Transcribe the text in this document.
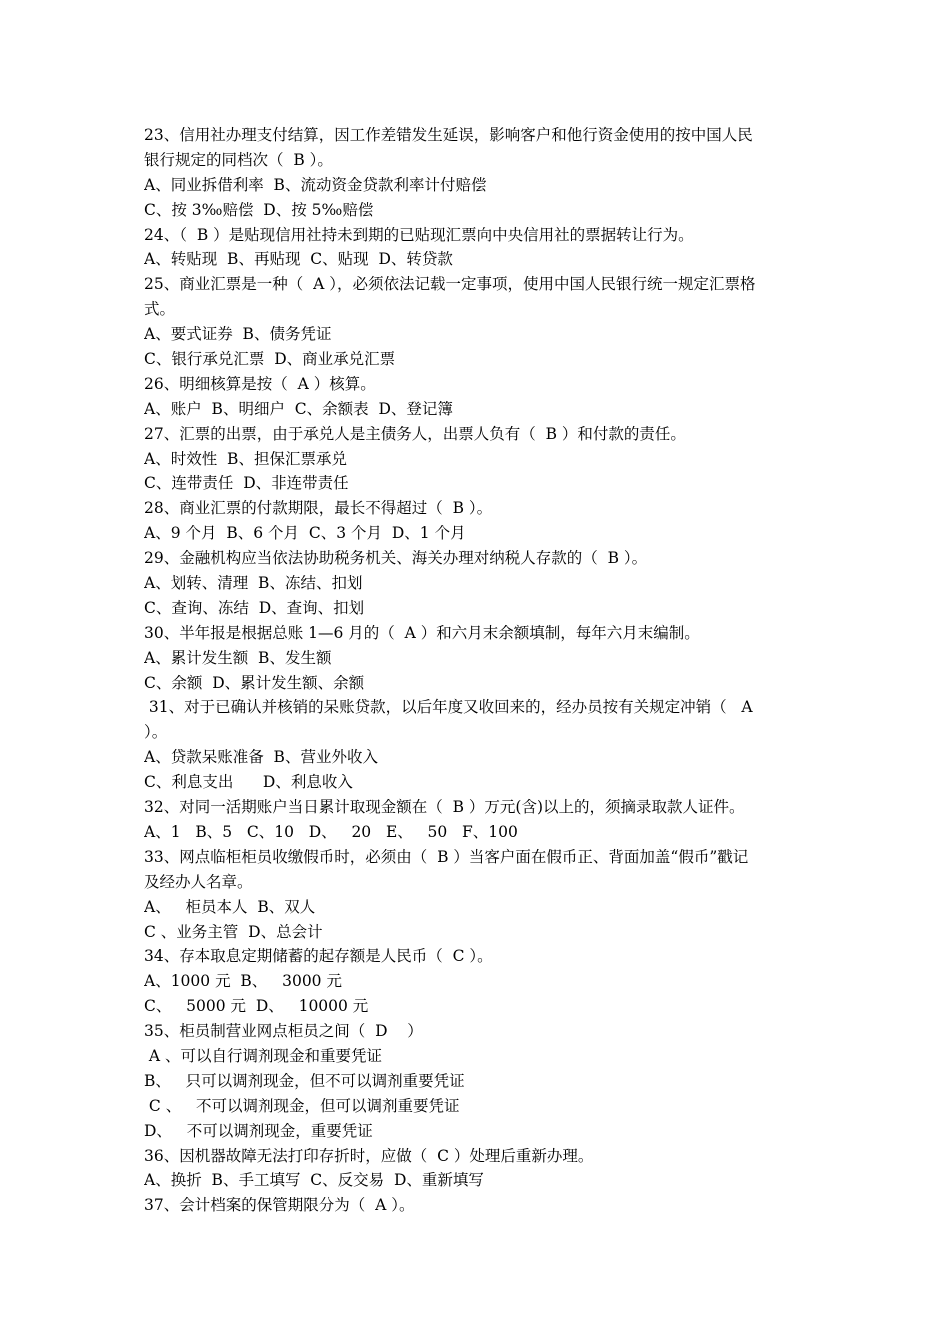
23、信用社办理支付结算，因工作差错发生延误，影响客户和他行资金使用的按中国人民
银行规定的同档次（  B ）。
A、同业拆借利率  B、流动资金贷款利率计付赔偿
C、按 3‰赔偿  D、按 5‰赔偿
24、（  B ）是贴现信用社持未到期的已贴现汇票向中央信用社的票据转让行为。
A、转贴现  B、再贴现  C、贴现  D、转贷款
25、商业汇票是一种（  A ），必须依法记载一定事项，使用中国人民银行统一规定汇票格
式。
A、要式证券  B、债务凭证
C、银行承兑汇票  D、商业承兑汇票
26、明细核算是按（  A ）核算。
A、账户  B、明细户  C、余额表  D、登记簿
27、汇票的出票，由于承兑人是主债务人，出票人负有（  B ）和付款的责任。
A、时效性  B、担保汇票承兑
C、连带责任  D、非连带责任
28、商业汇票的付款期限，最长不得超过（  B ）。
A、9 个月  B、6 个月  C、3 个月  D、1 个月
29、金融机构应当依法协助税务机关、海关办理对纳税人存款的（  B ）。
A、划转、清理  B、冻结、扣划
C、查询、冻结  D、查询、扣划
30、半年报是根据总账 1—6 月的（  A ）和六月末余额填制，每年六月末编制。
A、累计发生额  B、发生额
C、余额  D、累计发生额、余额
31、对于已确认并核销的呆账贷款，以后年度又收回来的，经办员按有关规定冲销（   A
）。
A、贷款呆账准备  B、营业外收入
C、利息支出      D、利息收入
32、对同一活期账户当日累计取现金额在（  B ）万元(含)以上的，须摘录取款人证件。
A、1   B、5   C、10   D、   20   E、   50   F、100
33、网点临柜柜员收缴假币时，必须由（  B ）当客户面在假币正、背面加盖“假币”戳记
及经办人名章。
A、   柜员本人  B、双人
C 、业务主管  D、总会计
34、存本取息定期储蓄的起存额是人民币（  C ）。
A、1000 元  B、   3000 元
C、   5000 元  D、   10000 元
35、柜员制营业网点柜员之间（  D    ）
A 、可以自行调剂现金和重要凭证
B、   只可以调剂现金，但不可以调剂重要凭证
C 、   不可以调剂现金，但可以调剂重要凭证
D、   不可以调剂现金，重要凭证
36、因机器故障无法打印存折时，应做（  C ）处理后重新办理。
A、换折  B、手工填写  C、反交易  D、重新填写
37、会计档案的保管期限分为（  A ）。
